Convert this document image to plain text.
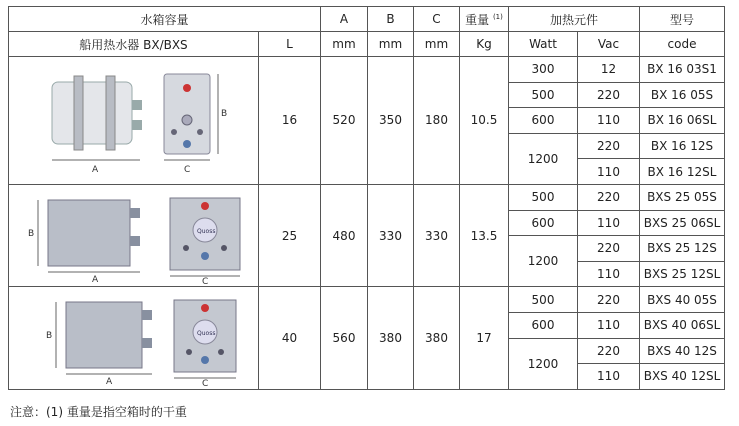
水箱容量		A	B	C	重量 $^{(1)}$	加热元件		型号
船用热水器 BX/BXS	L	mm	mm	mm	Kg	Watt	Vac	code

A
B
C	16	520	350	180	10.5	300	12	BX 16 03S1
						500	220	BX 16 05S
						600	110	BX 16 06SL
						1200	220	BX 16 12S
							110	BX 16 12SL

B
A
Quoss
C	25	480	330	330	13.5	500	220	BXS 25 05S
						600	110	BXS 25 06SL
						1200	220	BXS 25 12S
							110	BXS 25 12SL

B
A
Quoss
C	40	560	380	380	17	500	220	BXS 40 05S
						600	110	BXS 40 06SL
						1200	220	BXS 40 12S
							110	BXS 40 12SL
注意：(1) 重量是指空箱时的干重
